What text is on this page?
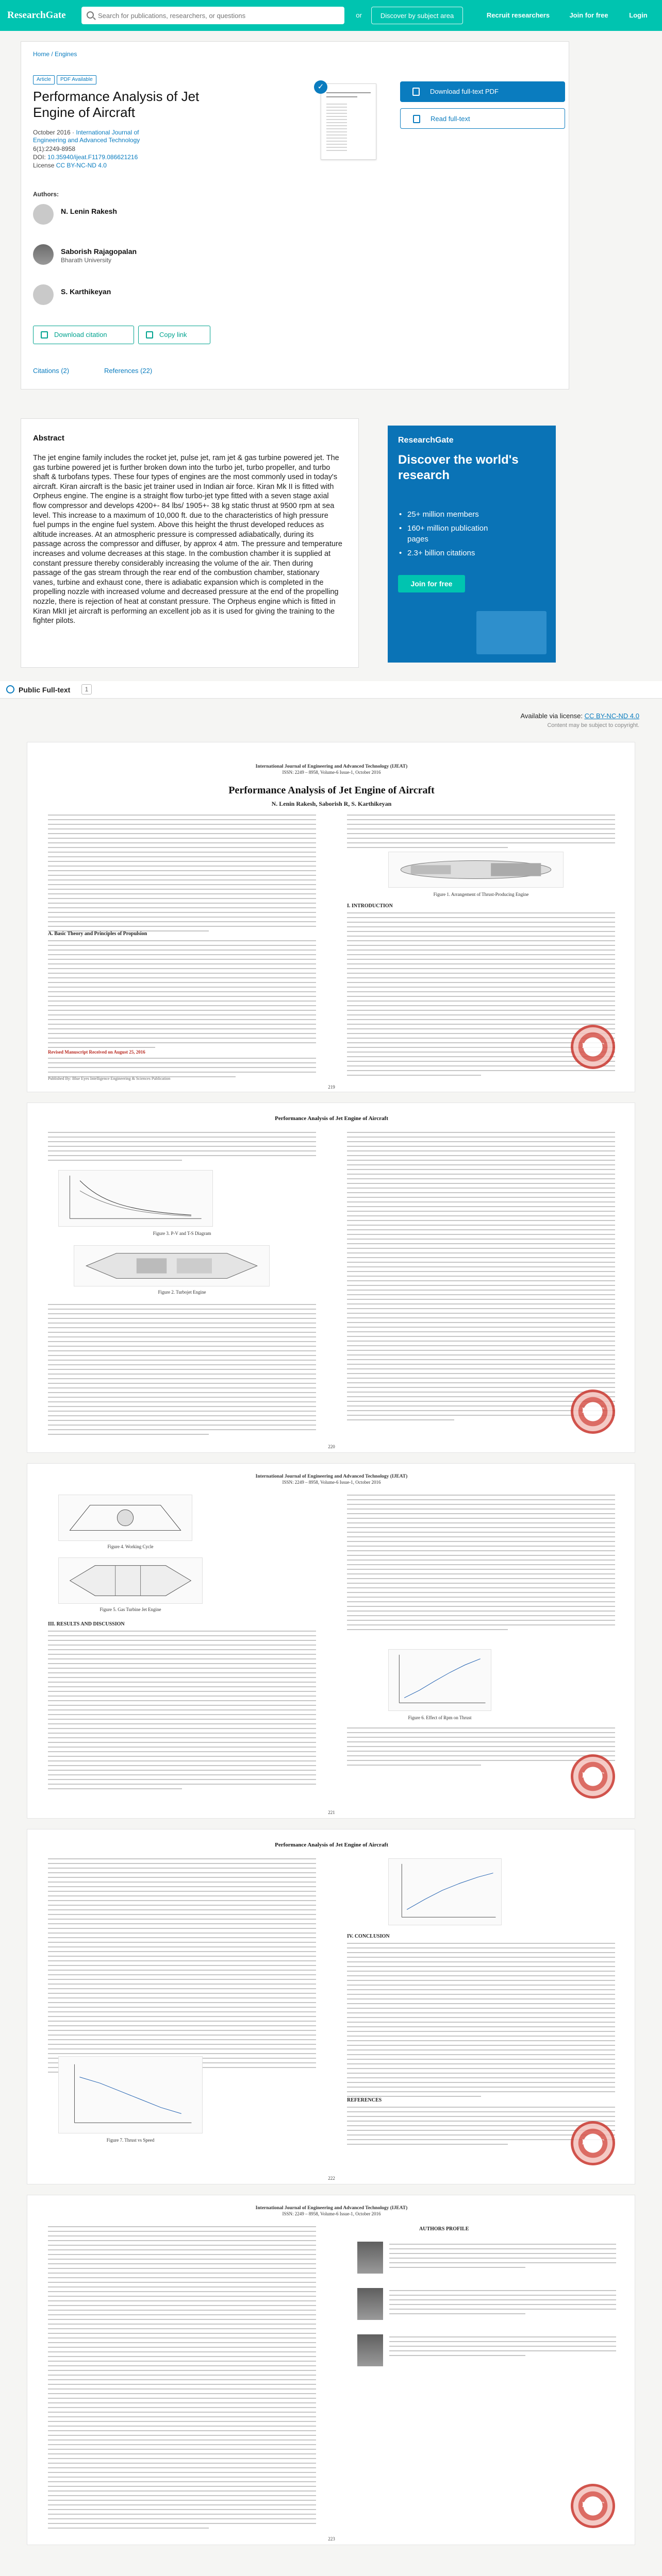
ResearchGate
Search for publications, researchers, or questions	or	Discover by subject area	Recruit researchers	Join for free	Login
Home / Engines
Article	PDF Available
Performance Analysis of Jet Engine of Aircraft
October 2016 · International Journal of Engineering and Advanced Technology
6(1):2249-8958
DOI: 10.35940/ijeat.F1179.086621216
License CC BY-NC-ND 4.0
Authors:
N. Lenin Rakesh
Saborish Rajagopalan
Bharath University
S. Karthikeyan
Download citation	Copy link
Citations (2)	References (22)
✓
Download full-text PDF
Read full-text
Abstract
The jet engine family includes the rocket jet, pulse jet, ram jet & gas turbine powered jet. The gas turbine powered jet is further broken down into the turbo jet, turbo propeller, and turbo shaft & turbofans types. These four types of engines are the most commonly used in today's aircraft. Kiran aircraft is the basic jet trainer used in Indian air force. Kiran Mk II is fitted with Orpheus engine. The engine is a straight flow turbo-jet type fitted with a seven stage axial flow compressor and develops 4200+- 84 lbs/ 1905+- 38 kg static thrust at 9500 rpm at sea level. This increase to a maximum of 10,000 ft. due to the characteristics of high pressure fuel pumps in the engine fuel system. Above this height the thrust developed reduces as altitude increases. At an atmospheric pressure is compressed adiabatically, during its passage across the compressor and diffuser, by approx 4 atm. The pressure and temperature increases and volume decreases at this stage. In the combustion chamber it is supplied at constant pressure thereby considerably increasing the volume of the air. Then during passage of the gas stream through the rear end of the combustion chamber, stationary vanes, turbine and exhaust cone, there is adiabatic expansion which is completed in the propelling nozzle with increased volume and decreased pressure at the end of the propelling nozzle, there is rejection of heat at constant pressure. The Orpheus engine which is fitted in Kiran MkII jet aircraft is performing an excellent job as it is used for giving the training to the fighter pilots.
ResearchGate
Discover the world's research
• 25+ million members
• 160+ million publication pages
• 2.3+ billion citations
Join for free
Public Full-text	1
Available via license: CC BY-NC-ND 4.0
Content may be subject to copyright.
International Journal of Engineering and Advanced Technology (IJEAT)
ISSN: 2249 – 8958, Volume-6 Issue-1, October 2016
Performance Analysis of Jet Engine of Aircraft
N. Lenin Rakesh, Saborish R, S. Karthikeyan
A. Basic Theory and Principles of Propulsion
Revised Manuscript Received on August 25, 2016
Figure 1. Arrangement of Thrust-Producing Engine
I. INTRODUCTION
IJEAT
Published By: Blue Eyes Intelligence Engineering & Sciences Publication
219
Performance Analysis of Jet Engine of Aircraft
Figure 3. P-V and T-S Diagram
Figure 2. Turbojet Engine
IJEAT
220
International Journal of Engineering and Advanced Technology (IJEAT)
ISSN: 2249 – 8958, Volume-6 Issue-1, October 2016
Figure 4. Working Cycle
Figure 5. Gas Turbine Jet Engine
III. RESULTS AND DISCUSSION
Figure 6. Effect of Rpm on Thrust
IJEAT
221
Performance Analysis of Jet Engine of Aircraft
Figure 7. Thrust vs Speed
IV. CONCLUSION
REFERENCES
IJEAT
222
International Journal of Engineering and Advanced Technology (IJEAT)
ISSN: 2249 – 8958, Volume-6 Issue-1, October 2016
AUTHORS PROFILE
IJEAT
223
